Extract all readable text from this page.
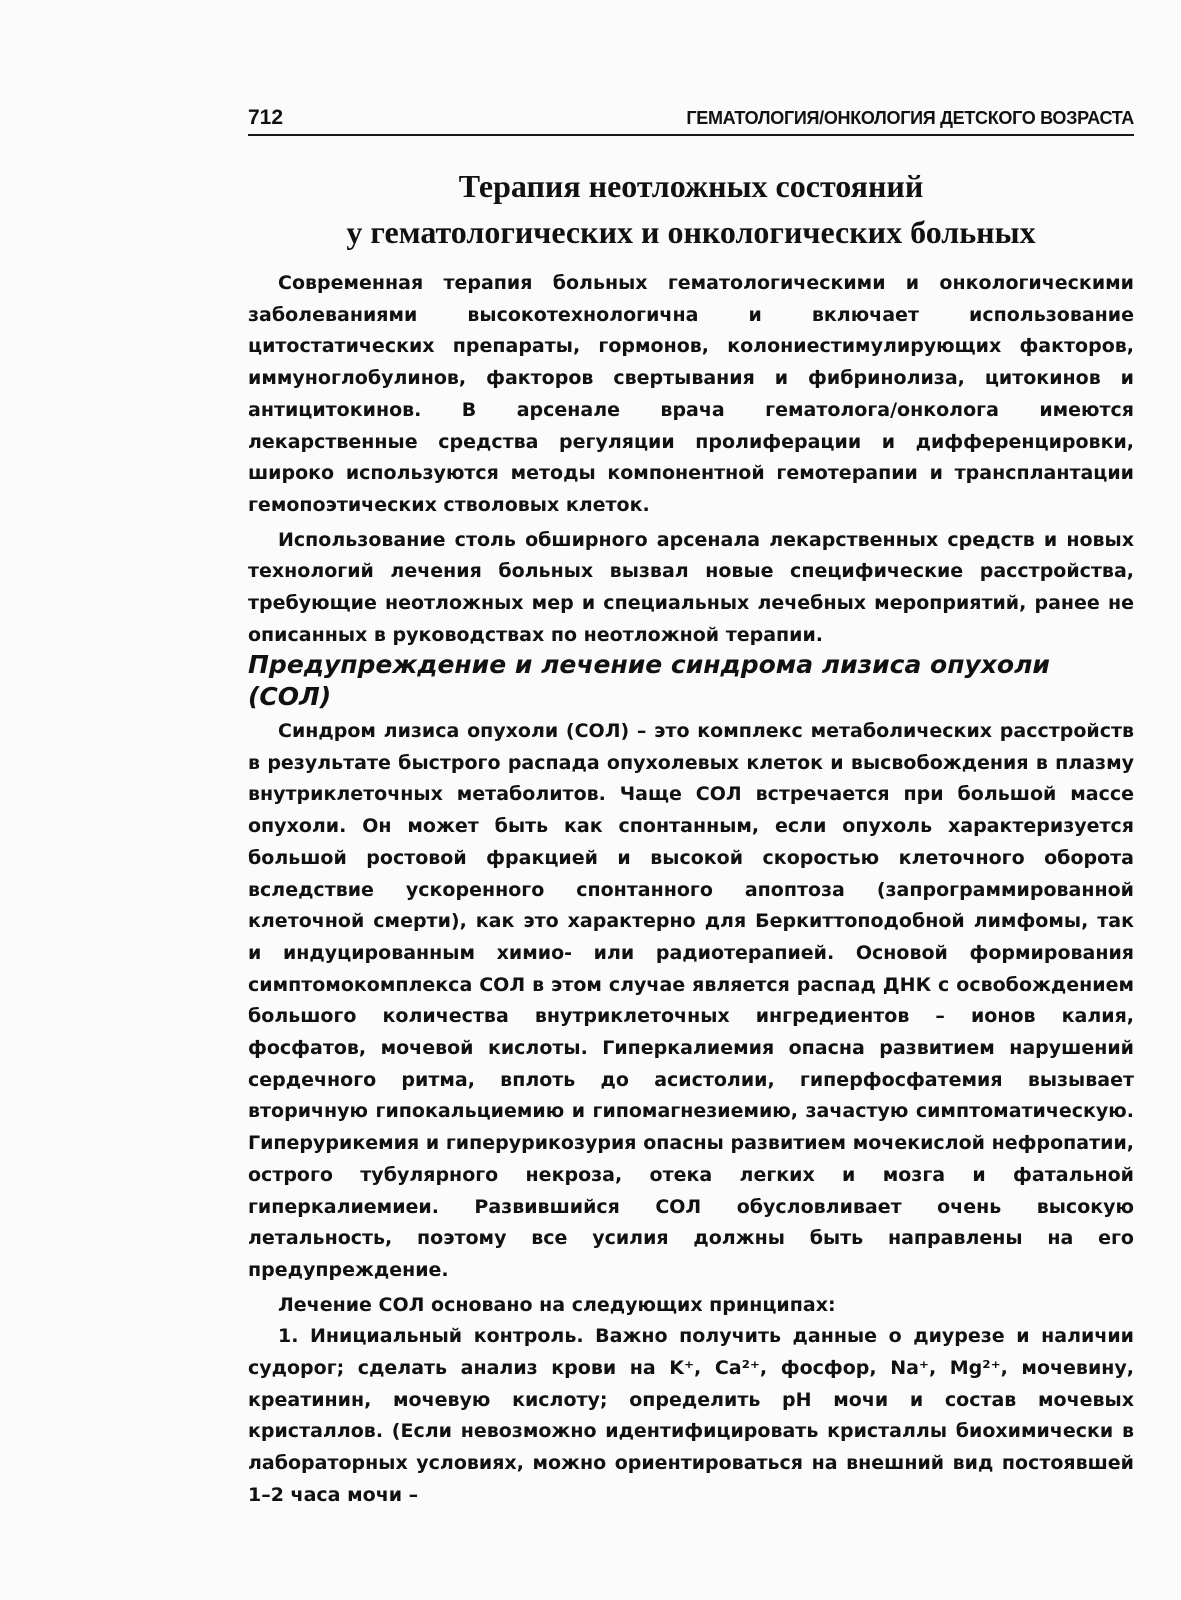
712	ГЕМАТОЛОГИЯ/ОНКОЛОГИЯ ДЕТСКОГО ВОЗРАСТА
Терапия неотложных состояний
у гематологических и онкологических больных

Современная терапия больных гематологическими и онкологическими заболеваниями высокотехнологична и включает использование цитостатических препараты, гормонов, колониестимулирующих факторов, иммуноглобулинов, факторов свертывания и фибринолиза, цитокинов и антицитокинов. В арсенале врача гематолога/онколога имеются лекарственные средства регуляции пролиферации и дифференцировки, широко используются методы компонентной гемотерапии и трансплантации гемопоэтических стволовых клеток.

Использование столь обширного арсенала лекарственных средств и новых технологий лечения больных вызвал новые специфические расстройства, требующие неотложных мер и специальных лечебных мероприятий, ранее не описанных в руководствах по неотложной терапии.

Предупреждение и лечение синдрома лизиса опухоли (СОЛ)

Синдром лизиса опухоли (СОЛ) – это комплекс метаболических расстройств в результате быстрого распада опухолевых клеток и высвобождения в плазму внутриклеточных метаболитов. Чаще СОЛ встречается при большой массе опухоли. Он может быть как спонтанным, если опухоль характеризуется большой ростовой фракцией и высокой скоростью клеточного оборота вследствие ускоренного спонтанного апоптоза (запрограммированной клеточной смерти), как это характерно для Беркиттоподобной лимфомы, так и индуцированным химио- или радиотерапией. Основой формирования симптомокомплекса СОЛ в этом случае является распад ДНК с освобождением большого количества внутриклеточных ингредиентов – ионов калия, фосфатов, мочевой кислоты. Гиперкалиемия опасна развитием нарушений сердечного ритма, вплоть до асистолии, гиперфосфатемия вызывает вторичную гипокальциемию и гипомагнезиемию, зачастую симптоматическую. Гиперурикемия и гиперурикозурия опасны развитием мочекислой нефропатии, острого тубулярного некроза, отека легких и мозга и фатальной гиперкалиемиеи. Развившийся СОЛ обусловливает очень высокую летальность, поэтому все усилия должны быть направлены на его предупреждение.

Лечение СОЛ основано на следующих принципах:

1. Инициальный контроль. Важно получить данные о диурезе и наличии судорог; сделать анализ крови на K⁺, Ca²⁺, фосфор, Na⁺, Mg²⁺, мочевину, креатинин, мочевую кислоту; определить pH мочи и состав мочевых кристаллов. (Если невозможно идентифицировать кристаллы биохимически в лабораторных условиях, можно ориентироваться на внешний вид постоявшей 1–2 часа мочи –
